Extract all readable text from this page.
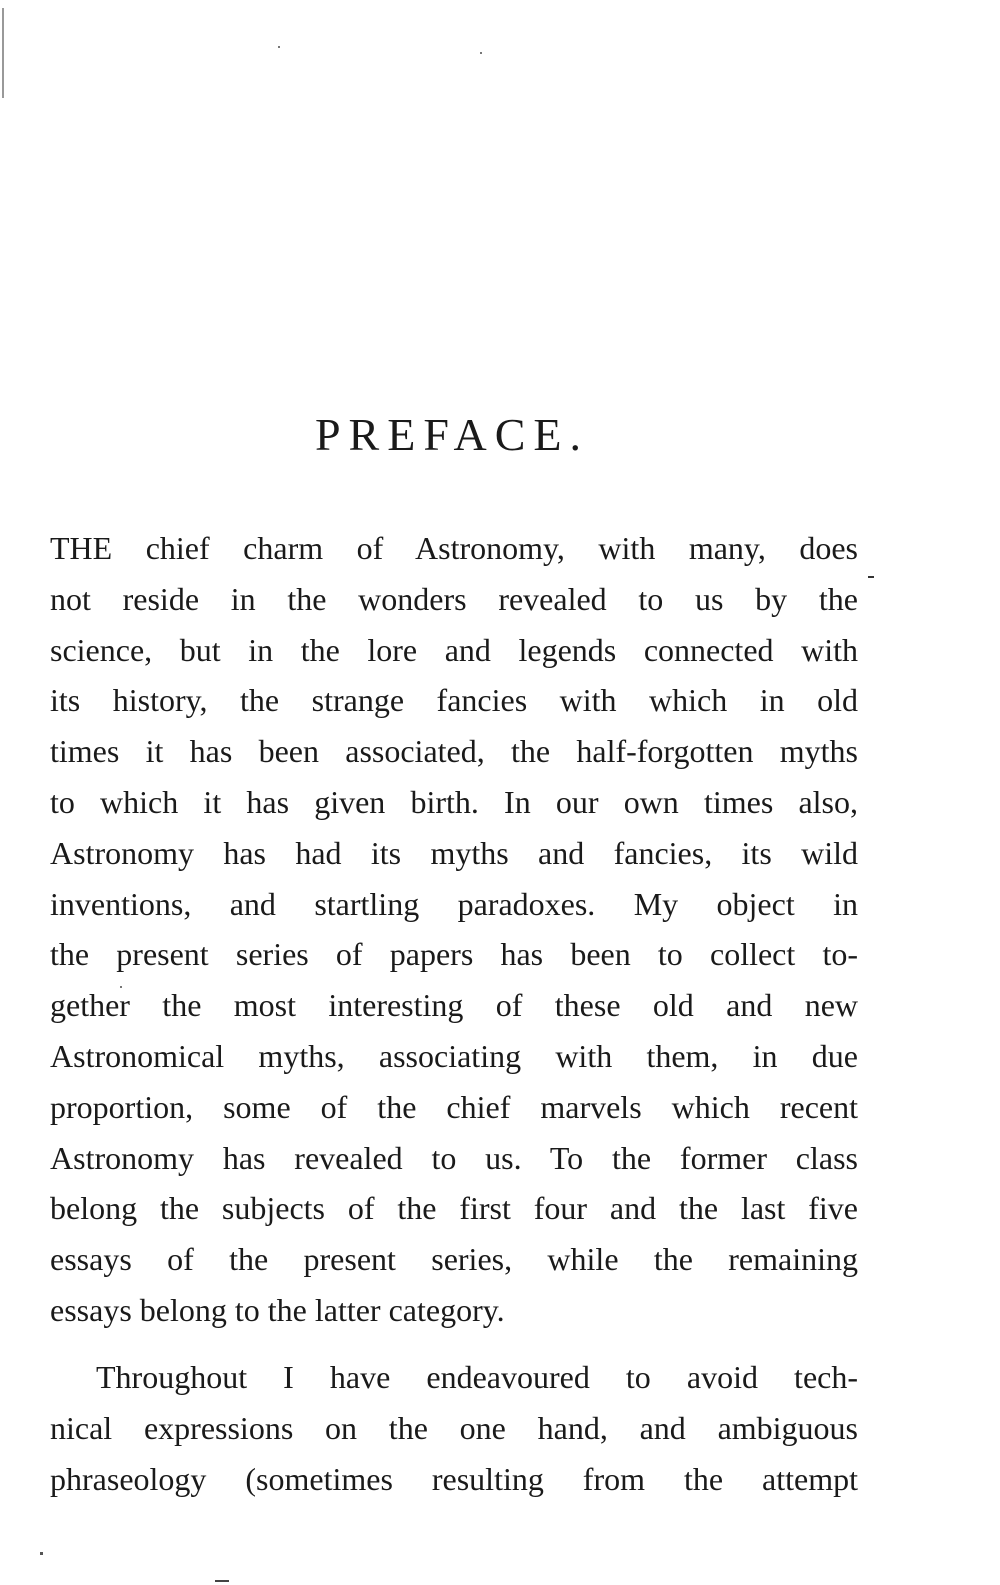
PREFACE.
THE chief charm of Astronomy, with many, does
not reside in the wonders revealed to us by the
science, but in the lore and legends connected with
its history, the strange fancies with which in old
times it has been associated, the half-forgotten myths
to which it has given birth. In our own times also,
Astronomy has had its myths and fancies, its wild
inventions, and startling paradoxes. My object in
the present series of papers has been to collect to-
gether the most interesting of these old and new
Astronomical myths, associating with them, in due
proportion, some of the chief marvels which recent
Astronomy has revealed to us. To the former class
belong the subjects of the first four and the last five
essays of the present series, while the remaining
essays belong to the latter category.
Throughout I have endeavoured to avoid tech-
nical expressions on the one hand, and ambiguous
phraseology (sometimes resulting from the attempt
